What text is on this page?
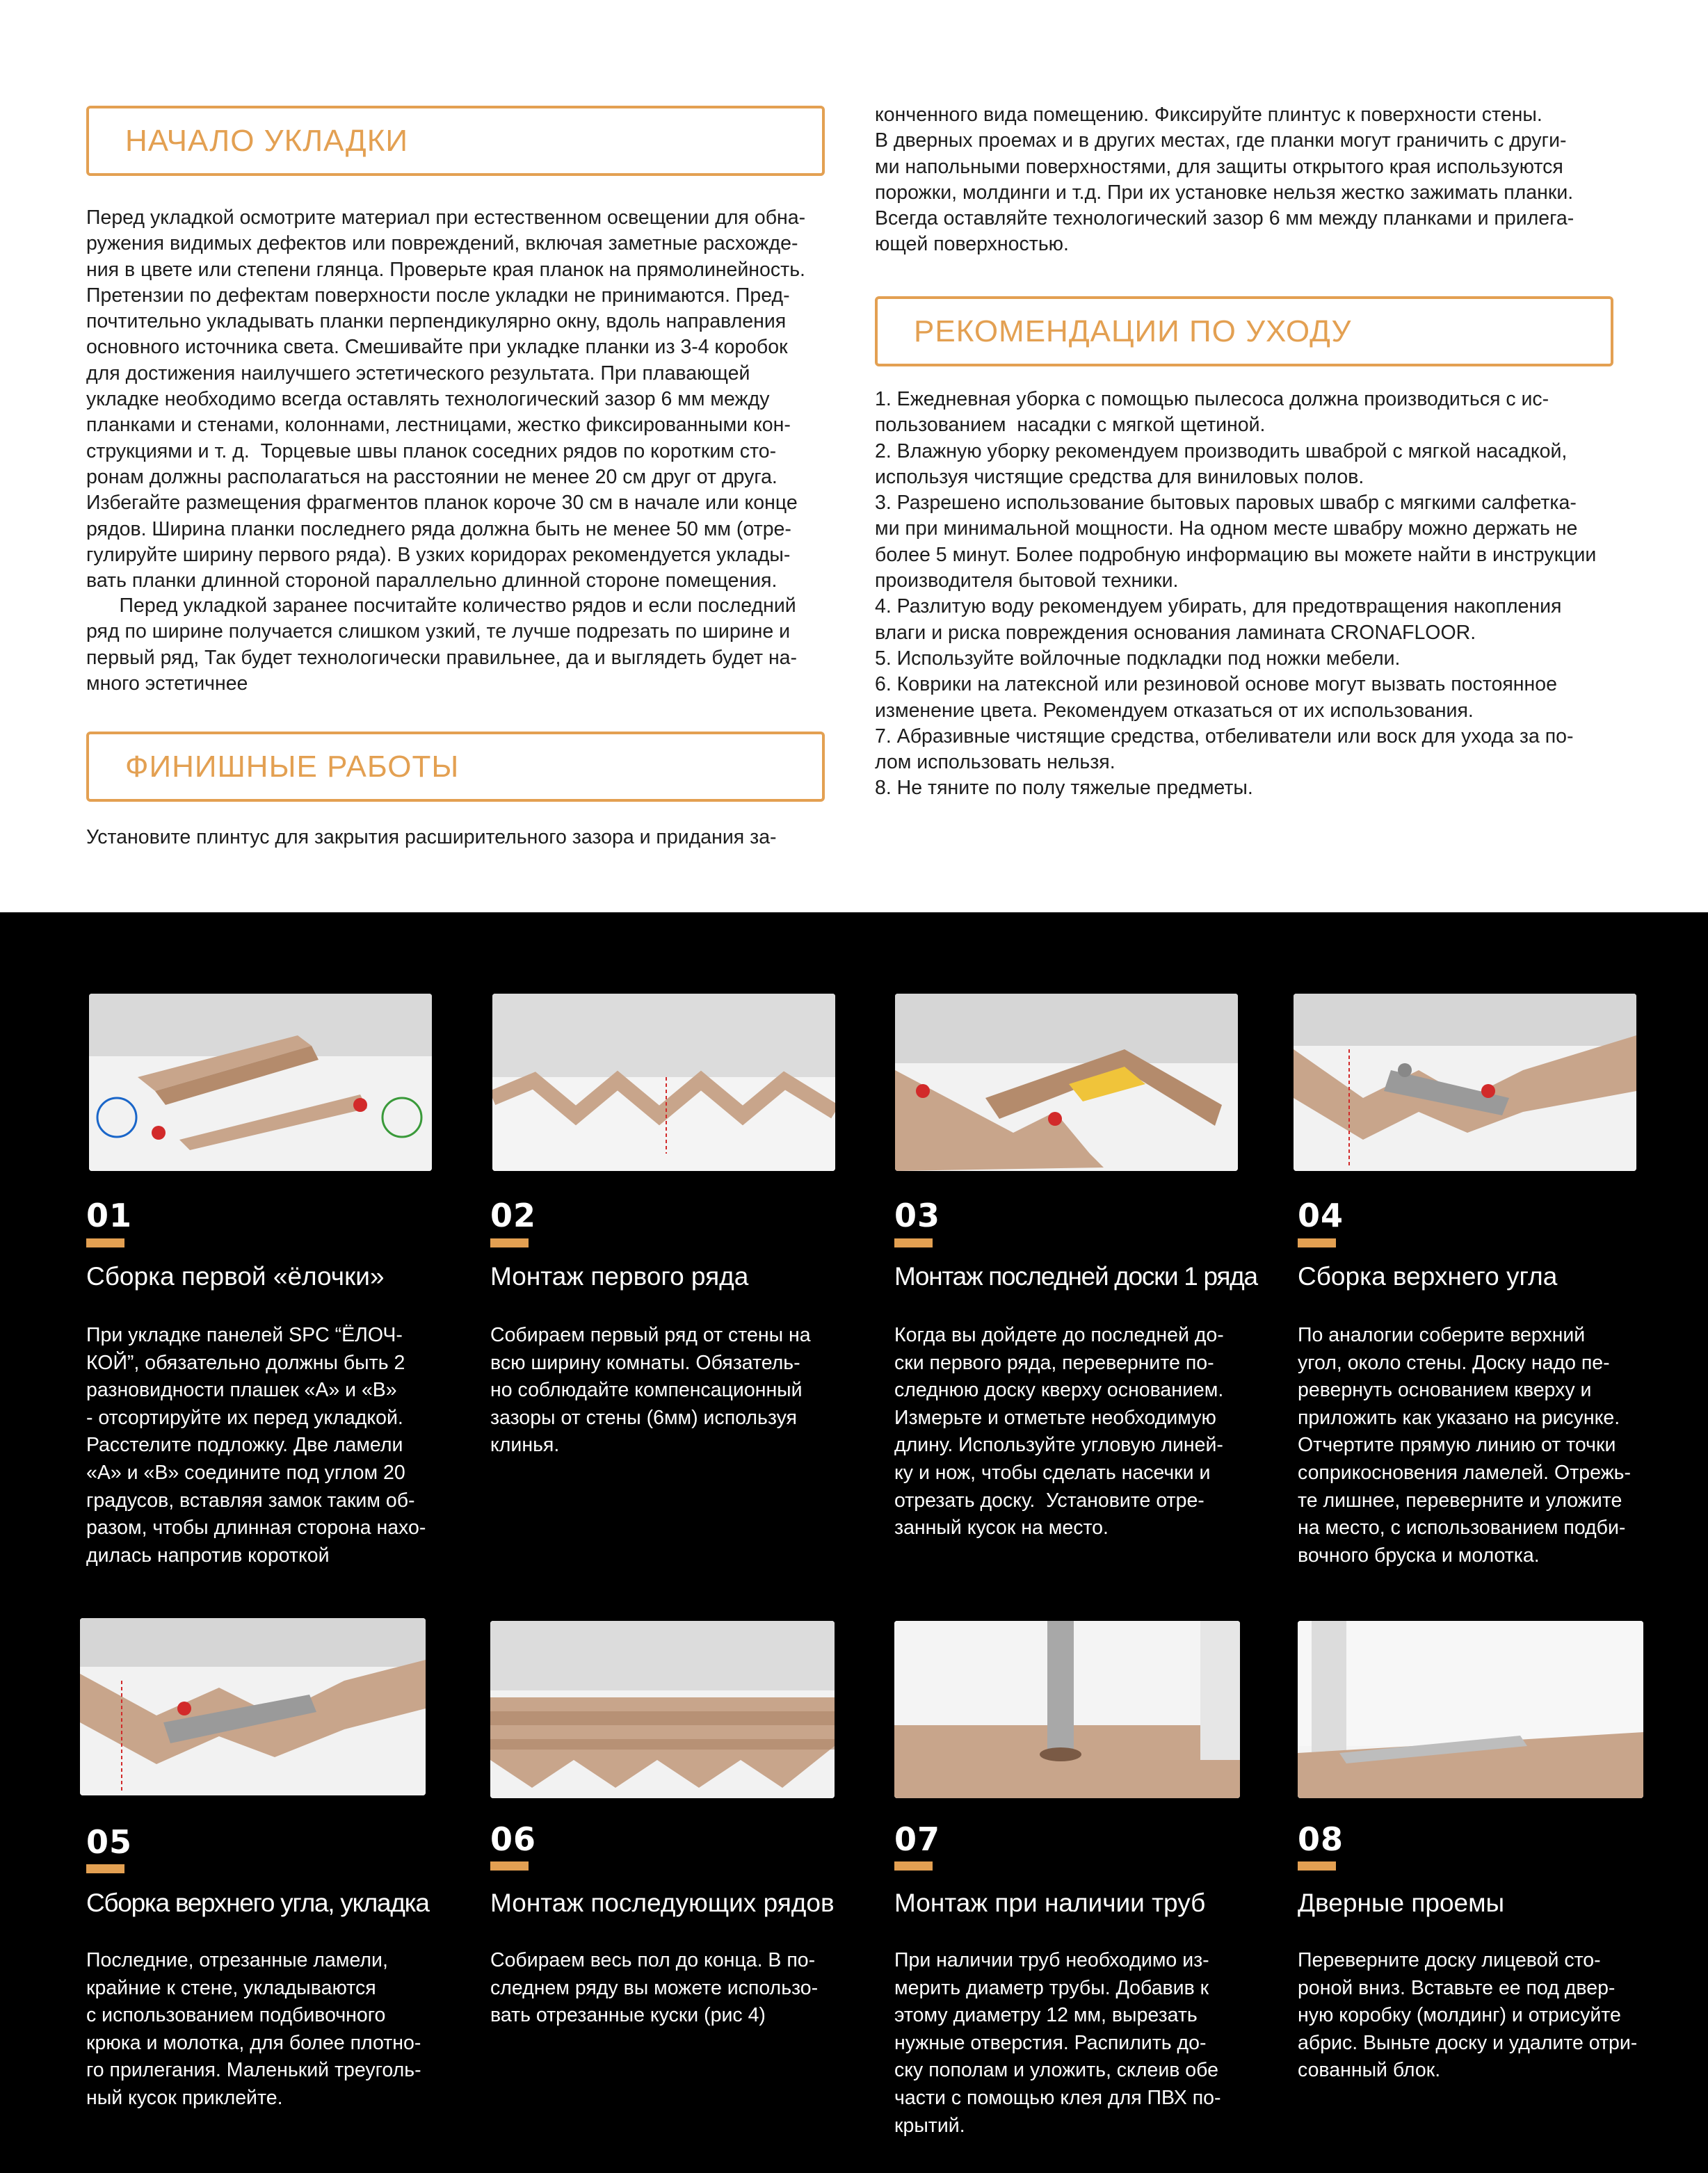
НАЧАЛО УКЛАДКИ
Перед укладкой осмотрите материал при естественном освещении для обна-
ружения видимых дефектов или повреждений, включая заметные расхожде-
ния в цвете или степени глянца. Проверьте края планок на прямолинейность.
Претензии по дефектам поверхности после укладки не принимаются. Пред-
почтительно укладывать планки перпендикулярно окну, вдоль направления
основного источника света. Смешивайте при укладке планки из 3-4 коробок
для достижения наилучшего эстетического результата. При плавающей
укладке необходимо всегда оставлять технологический зазор 6 мм между
планками и стенами, колоннами, лестницами, жестко фиксированными кон-
струкциями и т. д.  Торцевые швы планок соседних рядов по коротким сто-
ронам должны располагаться на расстоянии не менее 20 см друг от друга.
Избегайте размещения фрагментов планок короче 30 см в начале или конце
рядов. Ширина планки последнего ряда должна быть не менее 50 мм (отре-
гулируйте ширину первого ряда). В узких коридорах рекомендуется уклады-
вать планки длинной стороной параллельно длинной стороне помещения.
Перед укладкой заранее посчитайте количество рядов и если последний
ряд по ширине получается слишком узкий, те лучше подрезать по ширине и
первый ряд, Так будет технологически правильнее, да и выглядеть будет на-
много эстетичнее
ФИНИШНЫЕ РАБОТЫ
Установите плинтус для закрытия расширительного зазора и придания за-
конченного вида помещению. Фиксируйте плинтус к поверхности стены.
В дверных проемах и в других местах, где планки могут граничить с други-
ми напольными поверхностями, для защиты открытого края используются
порожки, молдинги и т.д. При их установке нельзя жестко зажимать планки.
Всегда оставляйте технологический зазор 6 мм между планками и прилега-
ющей поверхностью.
РЕКОМЕНДАЦИИ ПО УХОДУ
1. Ежедневная уборка с помощью пылесоса должна производиться с ис-
пользованием  насадки с мягкой щетиной.
2. Влажную уборку рекомендуем производить шваброй с мягкой насадкой,
используя чистящие средства для виниловых полов.
3. Разрешено использование бытовых паровых швабр с мягкими салфетка-
ми при минимальной мощности. На одном месте швабру можно держать не
более 5 минут. Более подробную информацию вы можете найти в инструкции
производителя бытовой техники.
4. Разлитую воду рекомендуем убирать, для предотвращения накопления
влаги и риска повреждения основания ламината CRONAFLOOR.
5. Используйте войлочные подкладки под ножки мебели.
6. Коврики на латексной или резиновой основе могут вызвать постоянное
изменение цвета. Рекомендуем отказаться от их использования.
7. Абразивные чистящие средства, отбеливатели или воск для ухода за по-
лом использовать нельзя.
8. Не тяните по полу тяжелые предметы.
01
Сборка первой «ёлочки»
При укладке панелей SPC “ЁЛОЧ-
КОЙ”, обязательно должны быть 2
разновидности плашек «А» и «В»
- отсортируйте их перед укладкой.
Расстелите подложку. Две ламели
«А» и «В» соедините под углом 20
градусов, вставляя замок таким об-
разом, чтобы длинная сторона нахо-
дилась напротив короткой
02
Монтаж первого ряда
Собираем первый ряд от стены на
всю ширину комнаты. Обязатель-
но соблюдайте компенсационный
зазоры от стены (6мм) используя
клинья.
03
Монтаж последней доски 1 ряда
Когда вы дойдете до последней до-
ски первого ряда, переверните по-
следнюю доску кверху основанием.
Измерьте и отметьте необходимую
длину. Используйте угловую линей-
ку и нож, чтобы сделать насечки и
отрезать доску.  Установите отре-
занный кусок на место.
04
Сборка верхнего угла
По аналогии соберите верхний
угол, около стены. Доску надо пе-
ревернуть основанием кверху и
приложить как указано на рисунке.
Отчертите прямую линию от точки
соприкосновения ламелей. Отрежь-
те лишнее, переверните и уложите
на место, с использованием подби-
вочного бруска и молотка.
05
Сборка верхнего угла, укладка
Последние, отрезанные ламели,
крайние к стене, укладываются
с использованием подбивочного
крюка и молотка, для более плотно-
го прилегания. Маленький треуголь-
ный кусок приклейте.
06
Монтаж последующих рядов
Собираем весь пол до конца. В по-
следнем ряду вы можете использо-
вать отрезанные куски (рис 4)
07
Монтаж при наличии труб
При наличии труб необходимо из-
мерить диаметр трубы. Добавив к
этому диаметру 12 мм, вырезать
нужные отверстия. Распилить до-
ску пополам и уложить, склеив обе
части с помощью клея для ПВХ по-
крытий.
08
Дверные проемы
Переверните доску лицевой сто-
роной вниз. Вставьте ее под двер-
ную коробку (молдинг) и отрисуйте
абрис. Выньте доску и удалите отри-
сованный блок.
